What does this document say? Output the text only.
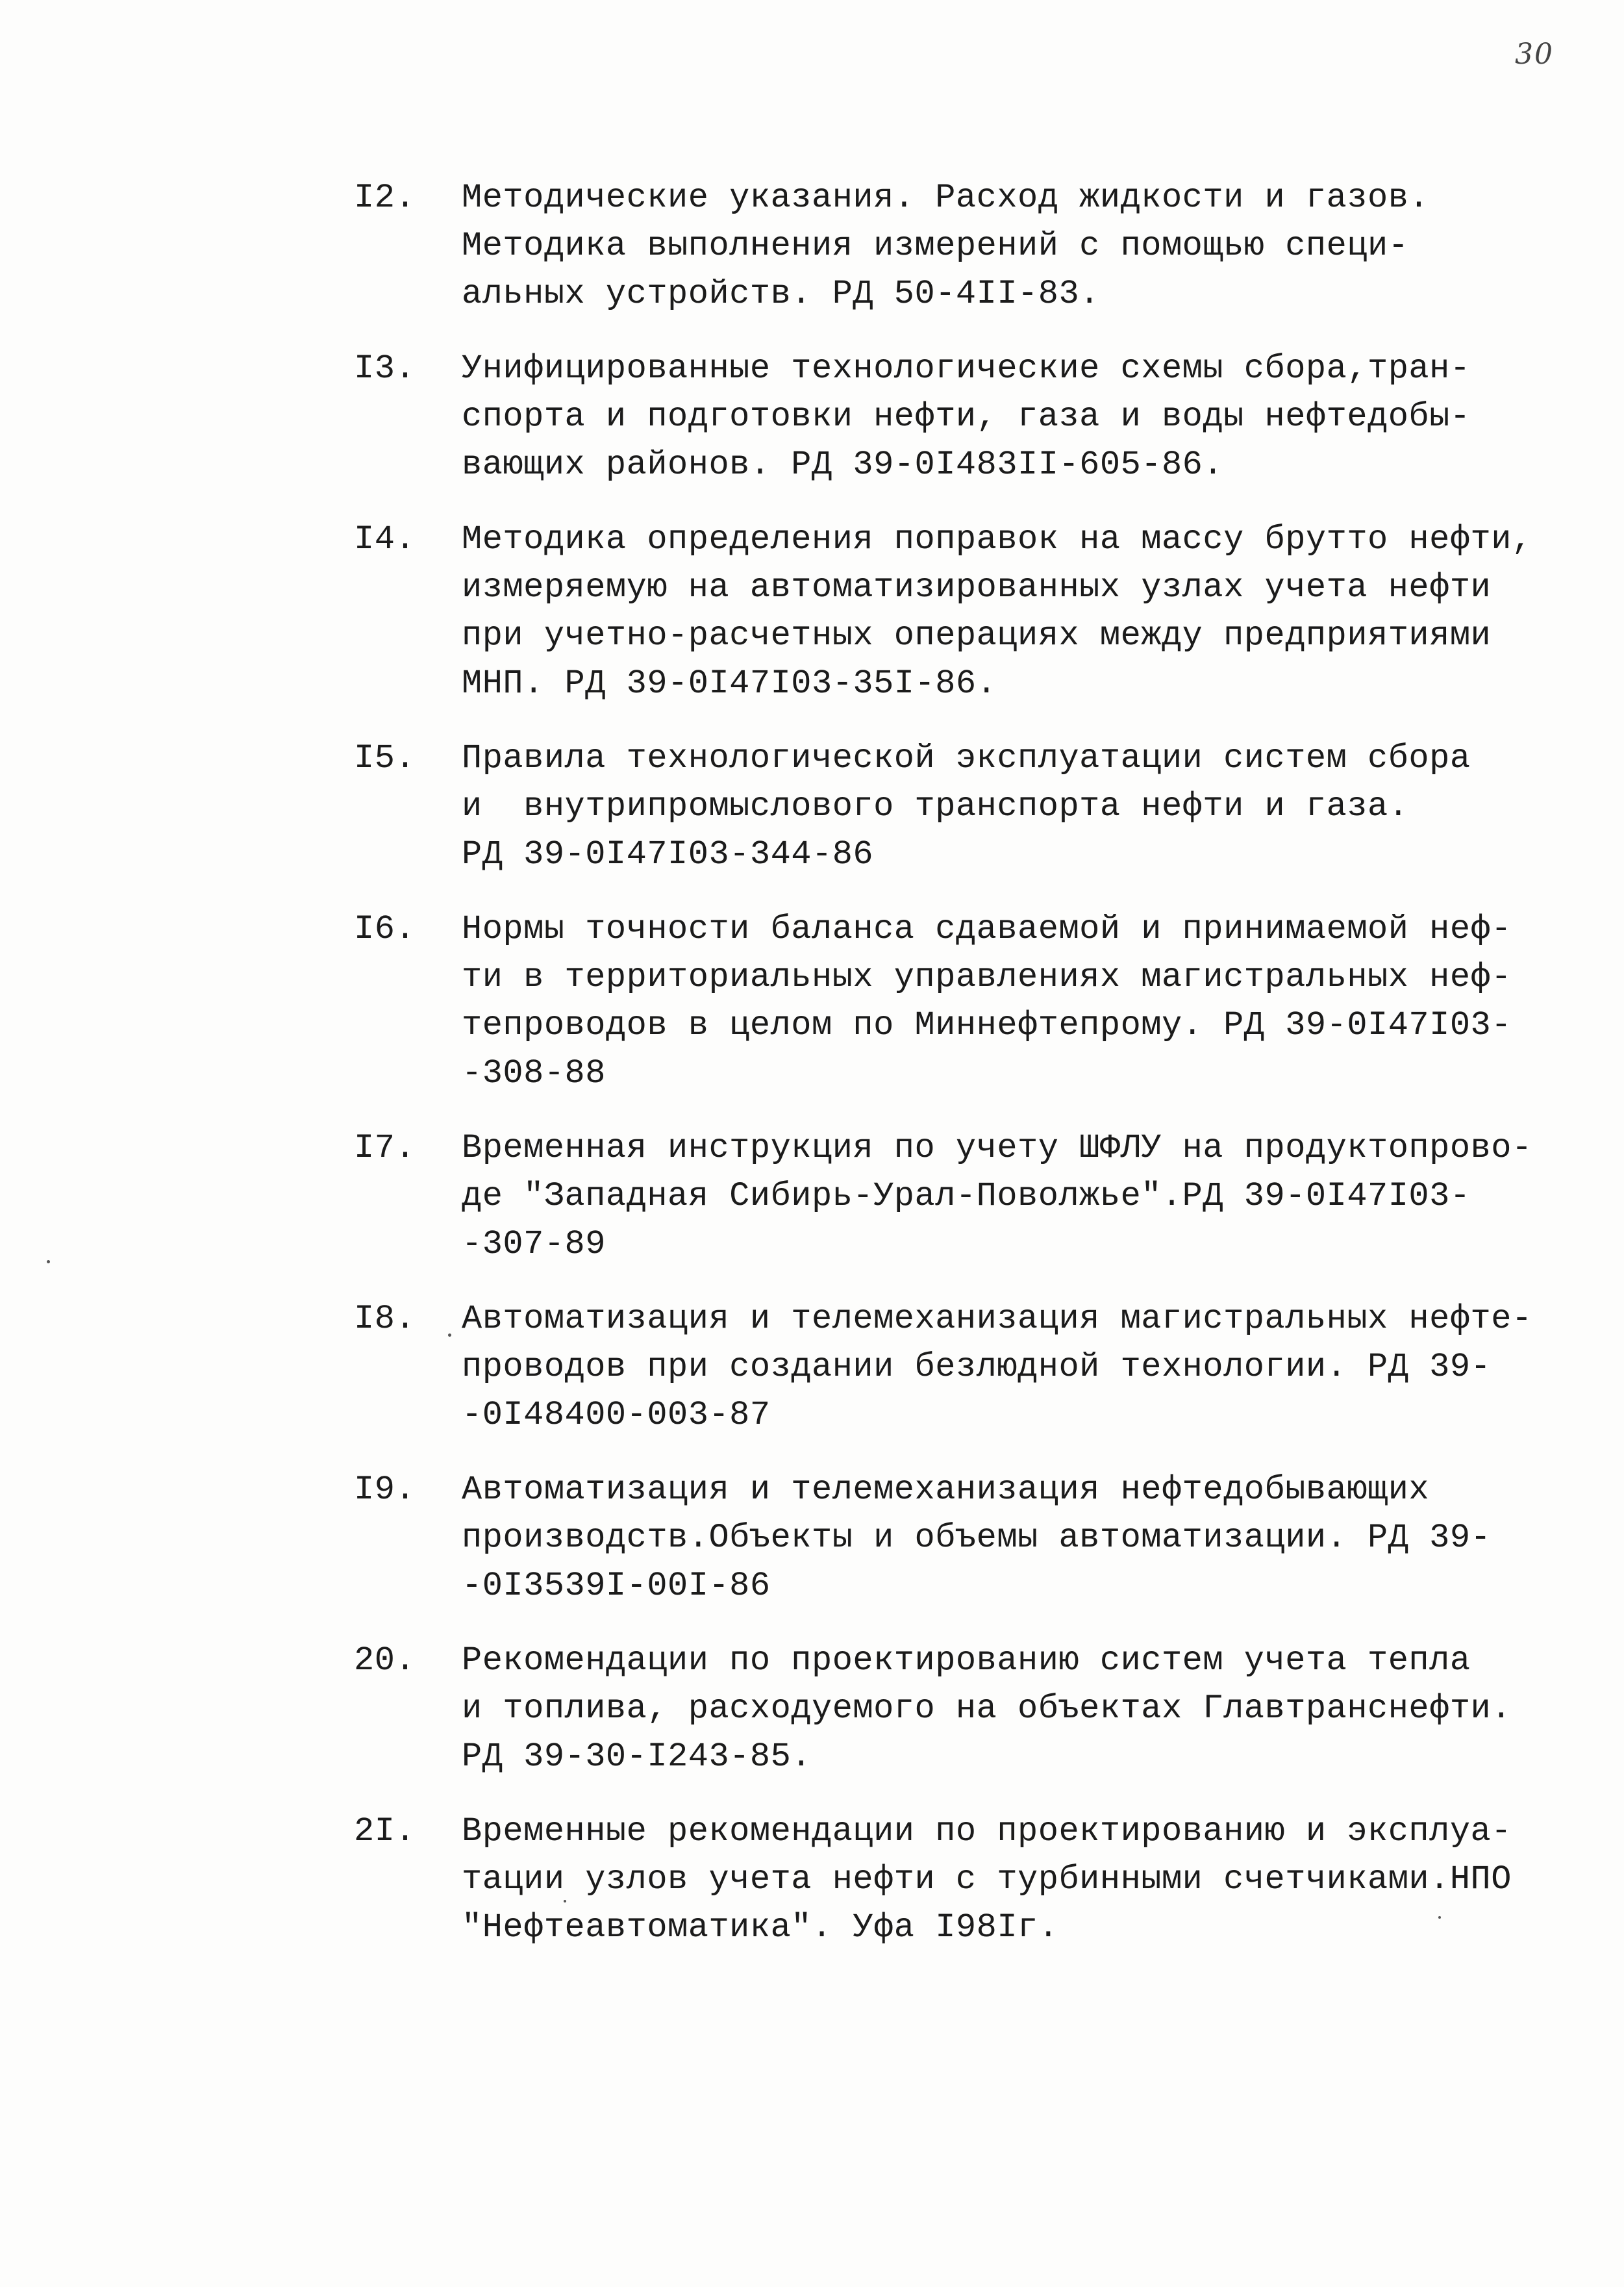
30
I2.	Методические указания. Расход жидкости и газов.
Методика выполнения измерений с помощью специ-
альных устройств. РД 50-4II-83.
I3.	Унифицированные технологические схемы сбора,тран-
спорта и подготовки нефти, газа и воды нефтедобы-
вающих районов. РД 39-0I483II-605-86.
I4.	Методика определения поправок на массу брутто нефти,
измеряемую на автоматизированных узлах учета нефти
при учетно-расчетных операциях между предприятиями
МНП. РД 39-0I47I03-35I-86.
I5.	Правила технологической эксплуатации систем сбора
и  внутрипромыслового транспорта нефти и газа.
РД 39-0I47I03-344-86
I6.	Нормы точности баланса сдаваемой и принимаемой неф-
ти в территориальных управлениях магистральных неф-
тепроводов в целом по Миннефтепрому. РД 39-0I47I03-
-308-88
I7.	Временная инструкция по учету ШФЛУ на продуктопрово-
де "Западная Сибирь-Урал-Поволжье".РД 39-0I47I03-
-307-89
I8.	Автоматизация и телемеханизация магистральных нефте-
проводов при создании безлюдной технологии. РД 39-
-0I48400-003-87
I9.	Автоматизация и телемеханизация нефтедобывающих
производств.Объекты и объемы автоматизации. РД 39-
-0I3539I-00I-86
20.	Рекомендации по проектированию систем учета тепла
и топлива, расходуемого на объектах Главтранснефти.
РД 39-30-I243-85.
2I.	Временные рекомендации по проектированию и эксплуа-
тации узлов учета нефти с турбинными счетчиками.НПО
"Нефтеавтоматика". Уфа I98Iг.
